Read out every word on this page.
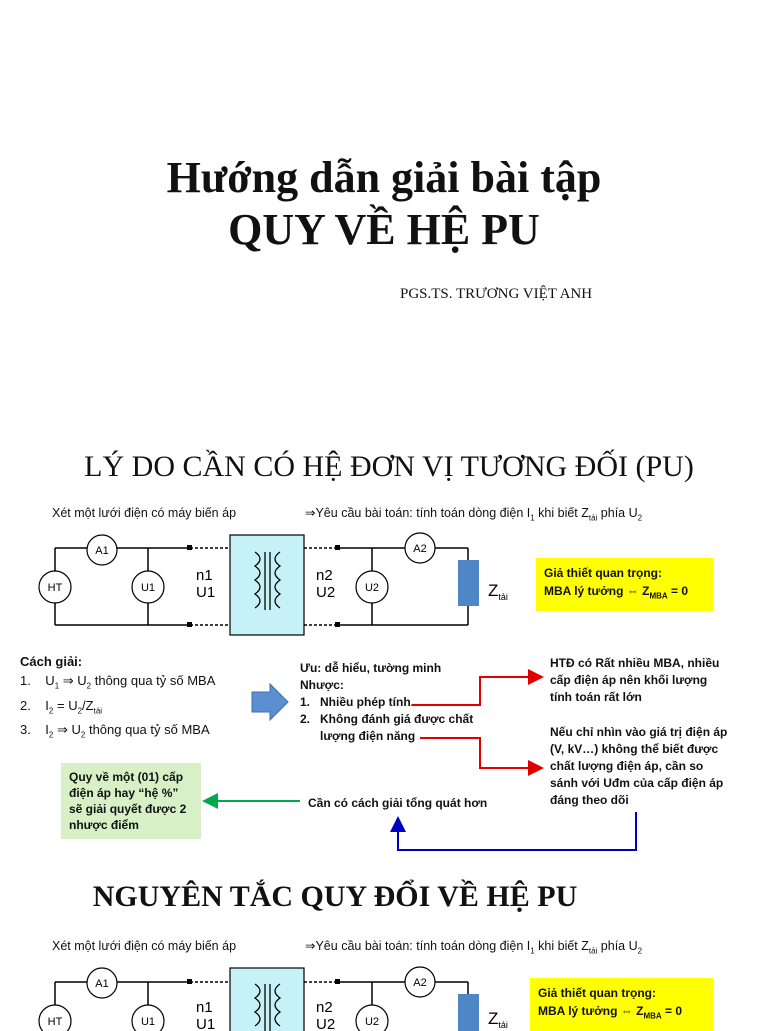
Hướng dẫn giải bài tập
QUY VỀ HỆ PU
PGS.TS. TRƯƠNG VIỆT ANH
LÝ DO CẦN CÓ HỆ ĐƠN VỊ TƯƠNG ĐỐI (PU)
Xét một lưới điện có máy biến áp	⇒Yêu cầu bài toán: tính toán dòng điện $I_1$ khi biết $Z_{tải}$ phía $U_2$
A1	A2
HT	U1	U2
n1
U1
n2
U2	$Z_{tải}$
Giả thiết quan trọng:
MBA lý tưởng ⇔ $Z_{MBA} = 0$
Cách giải:
1. $U_1$ ⇒ $U_2$ thông qua tỷ số MBA
2. $I_2 = U_2/Z_{tải}$
3. $I_2$ ⇒ $U_2$ thông qua tỷ số MBA
Ưu: dễ hiểu, tường minh
Nhược:
1. Nhiều phép tính.
2. Không đánh giá được chất lượng điện năng
HTĐ có Rất nhiều MBA, nhiều cấp điện áp nên khối lượng tính toán rất lớn
Nếu chỉ nhìn vào giá trị điện áp (V, kV…) không thể biết được chất lượng điện áp, cần so sánh với Uđm của cấp điện áp đáng theo dõi
Quy về một (01) cấp điện áp hay “hệ %” sẽ giải quyết được 2 nhược điểm
Cần có cách giải tổng quát hơn
NGUYÊN TẮC QUY ĐỔI VỀ HỆ PU
Xét một lưới điện có máy biến áp	⇒Yêu cầu bài toán: tính toán dòng điện $I_1$ khi biết $Z_{tải}$ phía $U_2$
A1	A2
HT	U1	U2
n1
U1
n2
U2	$Z_{tải}$
Giả thiết quan trọng:
MBA lý tưởng ⇔ $Z_{MBA} = 0$
